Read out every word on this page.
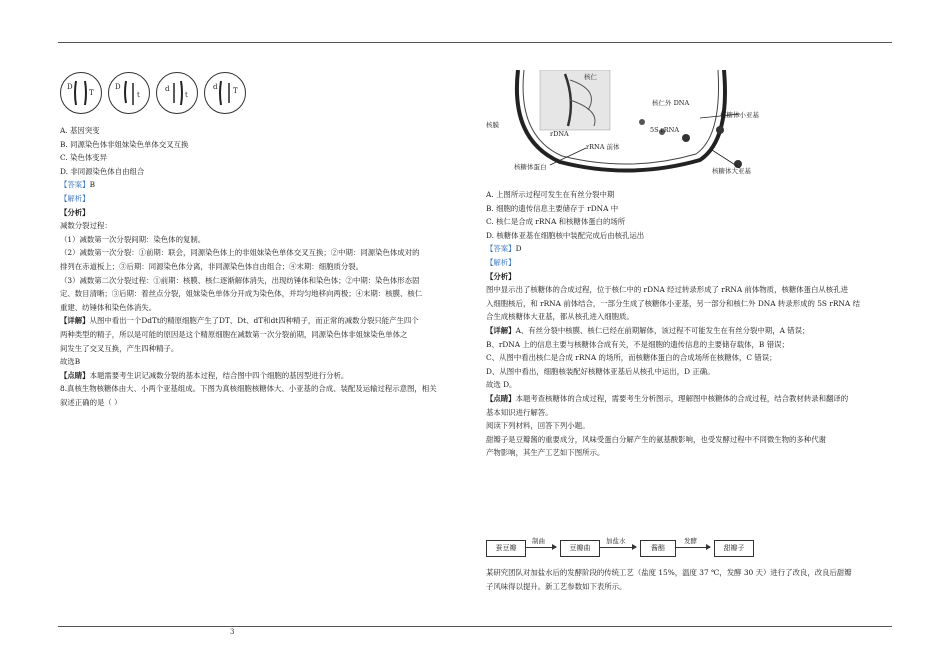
D
T
D
t
d
t
d T
A. 基因突变
B. 同源染色体非姐妹染色单体交叉互换
C. 染色体变异
D. 非同源染色体自由组合
【答案】B
【解析】
【分析】
减数分裂过程：
（1）减数第一次分裂间期：染色体的复制。
（2）减数第一次分裂：①前期：联会，同源染色体上的非姐妹染色单体交叉互换；②中期：同源染色体成对的
排列在赤道板上；③后期：同源染色体分离，非同源染色体自由组合；④末期：细胞质分裂。
（3）减数第二次分裂过程：①前期：核膜、核仁逐渐解体消失，出现纺锤体和染色体；②中期：染色体形态固
定、数目清晰；③后期：着丝点分裂，姐妹染色单体分开成为染色体，并均匀地移向两极；④末期：核膜、核仁
重建、纺锤体和染色体消失。
【详解】从图中看出一个DdTt的精原细胞产生了DT、Dt、dT和dt四种精子，而正常的减数分裂只能产生四个
两种类型的精子，所以是可能的原因是这个精原细胞在减数第一次分裂前期，同源染色体非姐妹染色单体之
间发生了交叉互换，产生四种精子。
故选B
【点睛】本题需要考生识记减数分裂的基本过程，结合图中四个细胞的基因型进行分析。
8.真核生物核糖体由大、小两个亚基组成。下图为真核细胞核糖体大、小亚基的合成、装配及运输过程示意图，相关
叙述正确的是（ ）
核膜
核仁
核仁外 DNA
rDNA	5S rRNA
rRNA 前体
核糖体蛋白
核糖体小亚基
核糖体大亚基
A. 上图所示过程可发生在有丝分裂中期
B. 细胞的遗传信息主要储存于 rDNA 中
C. 核仁是合成 rRNA 和核糖体蛋白的场所
D. 核糖体亚基在细胞核中装配完成后由核孔运出
【答案】D
【解析】
【分析】
图中显示出了核糖体的合成过程，位于核仁中的 rDNA 经过转录形成了 rRNA 前体物质，核糖体蛋白从核孔进
入细胞核后，和 rRNA 前体结合，一部分生成了核糖体小亚基，另一部分和核仁外 DNA 转录形成的 5S rRNA 结
合生成核糖体大亚基，都从核孔进入细胞质。
【详解】A、有丝分裂中核膜、核仁已经在前期解体，该过程不可能发生在有丝分裂中期，A 错误；
B、rDNA 上的信息主要与核糖体合成有关，不是细胞的遗传信息的主要储存载体，B 错误；
C、从图中看出核仁是合成 rRNA 的场所，而核糖体蛋白的合成场所在核糖体，C 错误；
D、从图中看出，细胞核装配好核糖体亚基后从核孔中运出，D 正确。
故选 D。
【点睛】本题考查核糖体的合成过程，需要考生分析图示，理解图中核糖体的合成过程，结合教材转录和翻译的
基本知识进行解答。
阅读下列材料，回答下列小题。
甜瓣子是豆瓣酱的重要成分，风味受蛋白分解产生的氨基酸影响，也受发酵过程中不同微生物的多种代谢
产物影响，其生产工艺如下图所示。
蚕豆瓣
制曲
豆瓣曲
加盐水
酱醅
发酵
甜瓣子
某研究团队对加盐水后的发酵阶段的传统工艺（盐度 15%，温度 37 ℃，发酵 30 天）进行了改良，改良后甜瓣
子风味得以提升。新工艺参数如下表所示。
3
